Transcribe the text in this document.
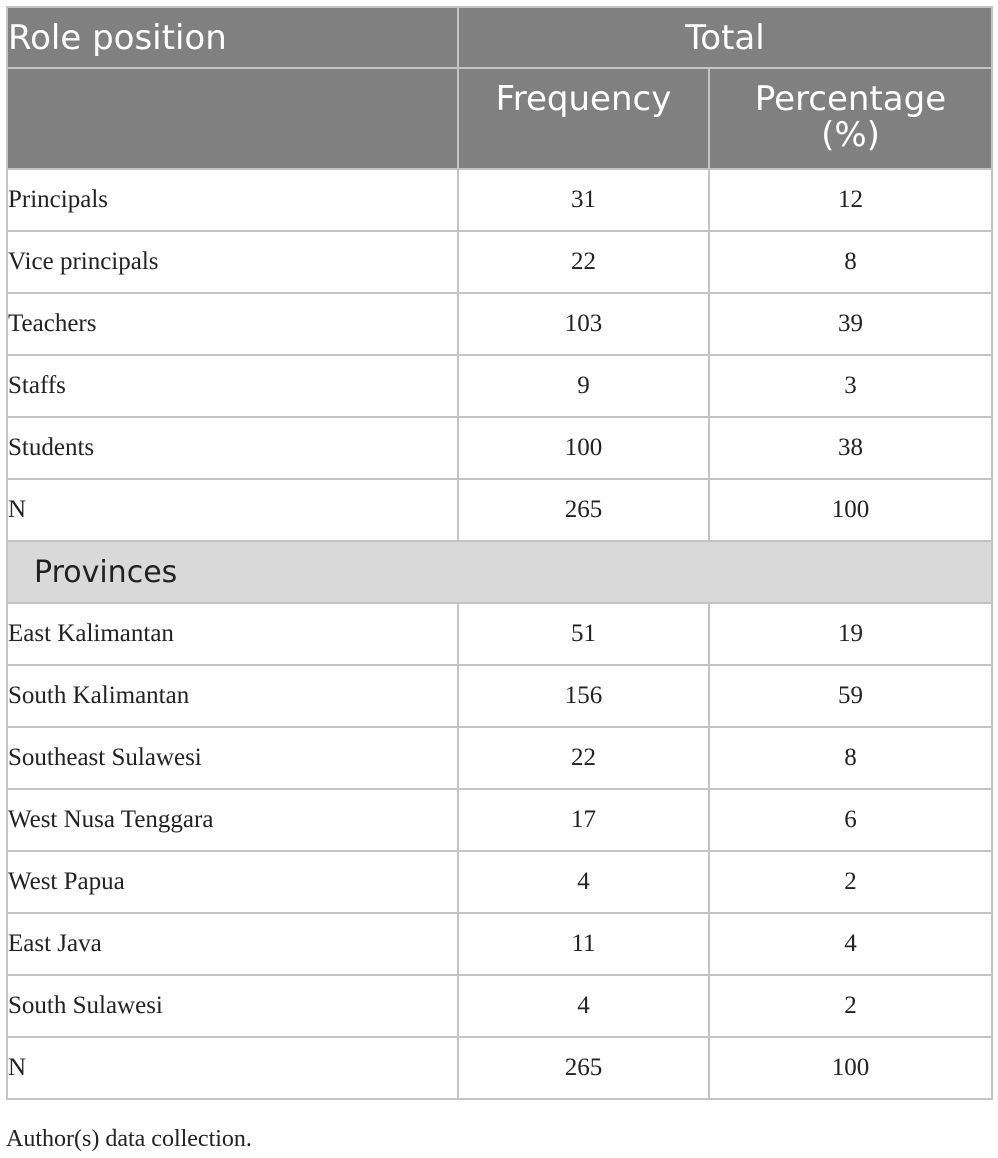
Role position	Total	
	Frequency	Percentage
(%)
Principals	31	12
Vice principals	22	8
Teachers	103	39
Staffs	9	3
Students	100	38
N	265	100
Provinces		
East Kalimantan	51	19
South Kalimantan	156	59
Southeast Sulawesi	22	8
West Nusa Tenggara	17	6
West Papua	4	2
East Java	11	4
South Sulawesi	4	2
N	265	100
Author(s) data collection.
